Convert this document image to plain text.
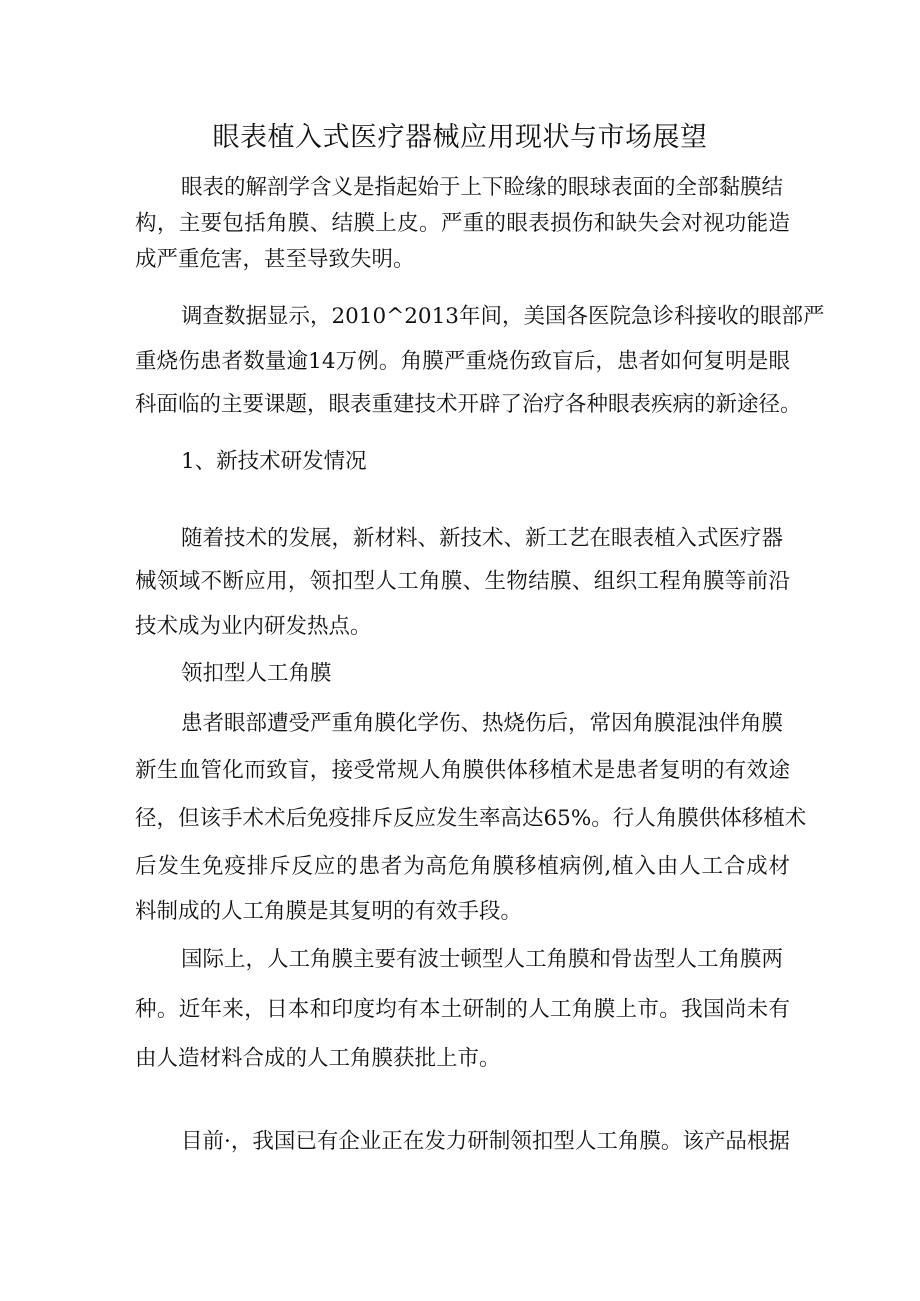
眼表植入式医疗器械应用现状与市场展望
眼表的解剖学含义是指起始于上下睑缘的眼球表面的全部黏膜结
构，主要包括角膜、结膜上皮。严重的眼表损伤和缺失会对视功能造
成严重危害，甚至导致失明。
调查数据显示，2010^2013年间，美国各医院急诊科接收的眼部严
重烧伤患者数量逾14万例。角膜严重烧伤致盲后，患者如何复明是眼
科面临的主要课题，眼表重建技术开辟了治疗各种眼表疾病的新途径。
1、新技术研发情况
随着技术的发展，新材料、新技术、新工艺在眼表植入式医疗器
械领域不断应用，领扣型人工角膜、生物结膜、组织工程角膜等前沿
技术成为业内研发热点。
领扣型人工角膜
患者眼部遭受严重角膜化学伤、热烧伤后，常因角膜混浊伴角膜
新生血管化而致盲，接受常规人角膜供体移植术是患者复明的有效途
径，但该手术术后免疫排斥反应发生率高达65%。行人角膜供体移植术
后发生免疫排斥反应的患者为高危角膜移植病例,植入由人工合成材
料制成的人工角膜是其复明的有效手段。
国际上，人工角膜主要有波士顿型人工角膜和骨齿型人工角膜两
种。近年来，日本和印度均有本土研制的人工角膜上市。我国尚未有
由人造材料合成的人工角膜获批上市。
目前·，我国已有企业正在发力研制领扣型人工角膜。该产品根据
